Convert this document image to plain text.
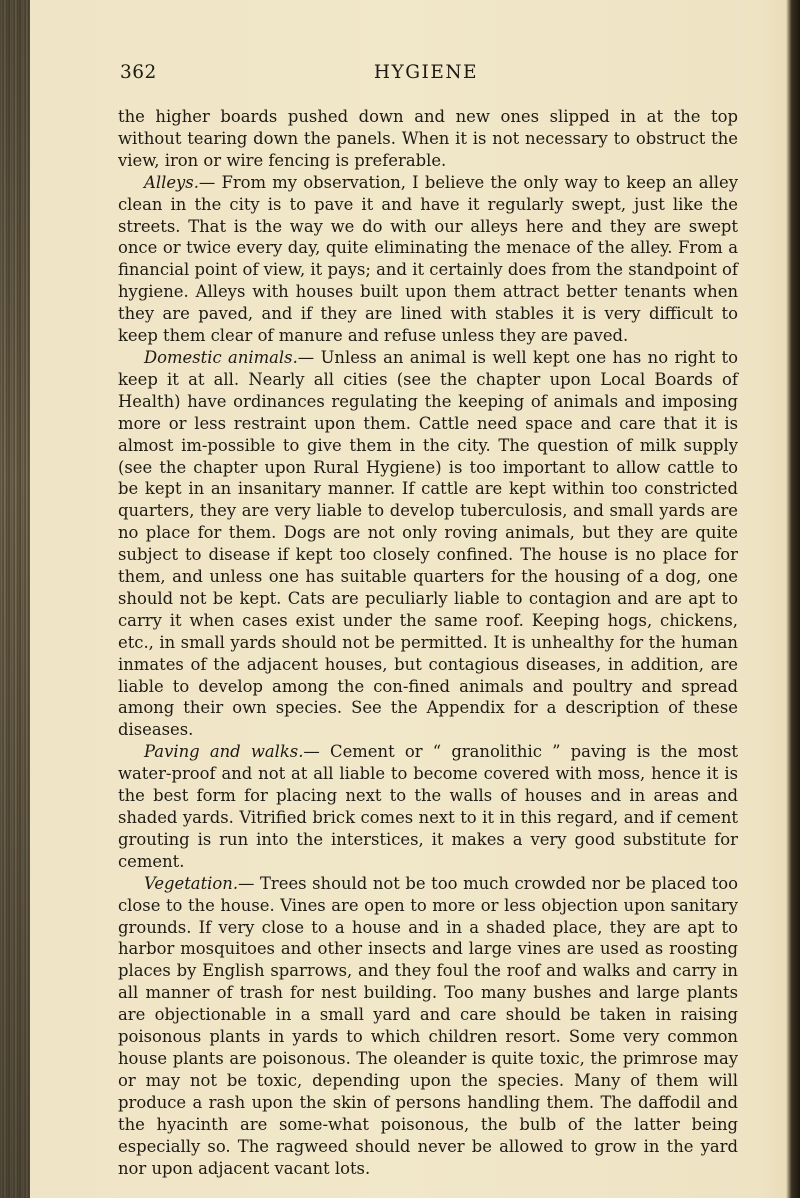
362	HYGIENE

the higher boards pushed down and new ones slipped in at the top without tearing down the panels. When it is not necessary to obstruct the view, iron or wire fencing is preferable.

Alleys.— From my observation, I believe the only way to keep an alley clean in the city is to pave it and have it regularly swept, just like the streets. That is the way we do with our alleys here and they are swept once or twice every day, quite eliminating the menace of the alley. From a financial point of view, it pays; and it certainly does from the standpoint of hygiene. Alleys with houses built upon them attract better tenants when they are paved, and if they are lined with stables it is very difficult to keep them clear of manure and refuse unless they are paved.

Domestic animals.— Unless an animal is well kept one has no right to keep it at all. Nearly all cities (see the chapter upon Local Boards of Health) have ordinances regulating the keeping of animals and imposing more or less restraint upon them. Cattle need space and care that it is almost im-possible to give them in the city. The question of milk supply (see the chapter upon Rural Hygiene) is too important to allow cattle to be kept in an insanitary manner. If cattle are kept within too constricted quarters, they are very liable to develop tuberculosis, and small yards are no place for them. Dogs are not only roving animals, but they are quite subject to disease if kept too closely confined. The house is no place for them, and unless one has suitable quarters for the housing of a dog, one should not be kept. Cats are peculiarly liable to contagion and are apt to carry it when cases exist under the same roof. Keeping hogs, chickens, etc., in small yards should not be permitted. It is unhealthy for the human inmates of the adjacent houses, but contagious diseases, in addition, are liable to develop among the con-fined animals and poultry and spread among their own species. See the Appendix for a description of these diseases.

Paving and walks.— Cement or “ granolithic ” paving is the most water-proof and not at all liable to become covered with moss, hence it is the best form for placing next to the walls of houses and in areas and shaded yards. Vitrified brick comes next to it in this regard, and if cement grouting is run into the interstices, it makes a very good substitute for cement.

Vegetation.— Trees should not be too much crowded nor be placed too close to the house. Vines are open to more or less objection upon sanitary grounds. If very close to a house and in a shaded place, they are apt to harbor mosquitoes and other insects and large vines are used as roosting places by English sparrows, and they foul the roof and walks and carry in all manner of trash for nest building. Too many bushes and large plants are objectionable in a small yard and care should be taken in raising poisonous plants in yards to which children resort. Some very common house plants are poisonous. The oleander is quite toxic, the primrose may or may not be toxic, depending upon the species. Many of them will produce a rash upon the skin of persons handling them. The daffodil and the hyacinth are some-what poisonous, the bulb of the latter being especially so. The ragweed should never be allowed to grow in the yard nor upon adjacent vacant lots.
